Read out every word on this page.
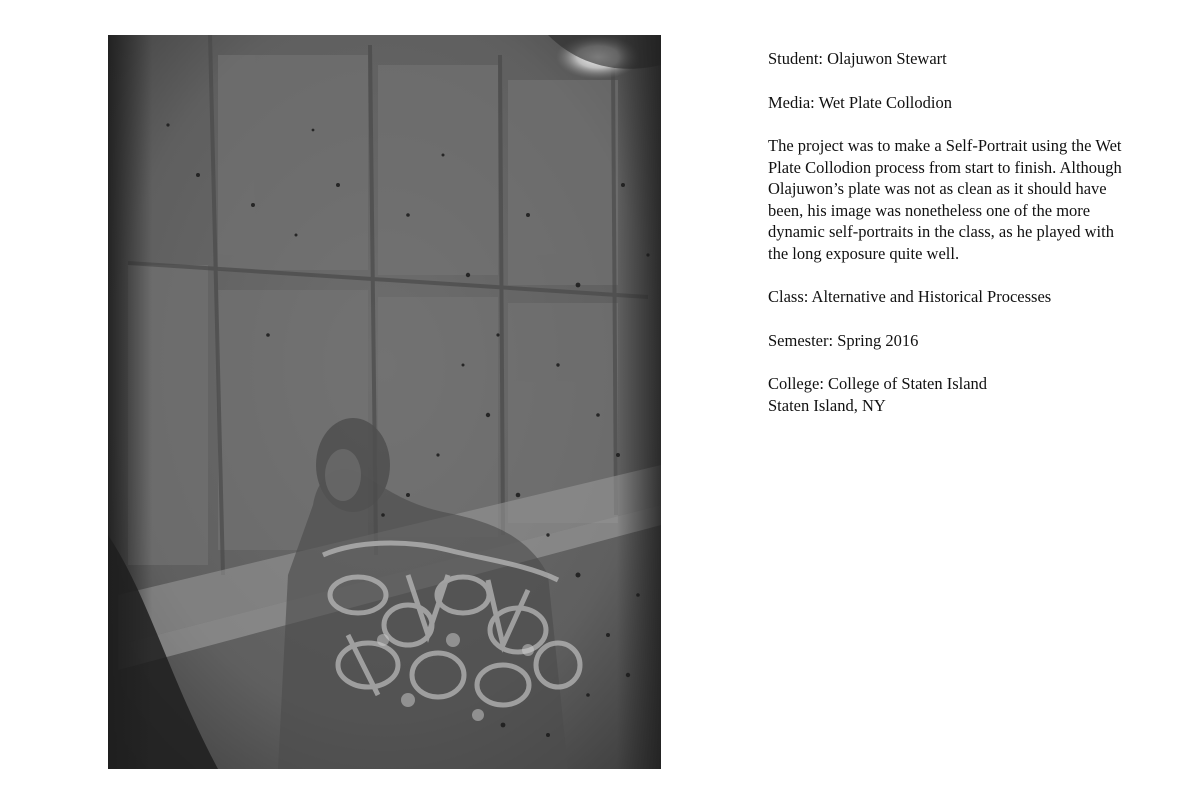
Student: Olajuwon Stewart

Media: Wet Plate Collodion

The project was to make a Self-Portrait using the Wet Plate Collodion process from start to finish. Although Olajuwon’s plate was not as clean as it should have been, his image was nonetheless one of the more dynamic self-portraits in the class, as he played with the long exposure quite well.

Class: Alternative and Historical Processes

Semester: Spring 2016

College: College of Staten Island
Staten Island, NY
